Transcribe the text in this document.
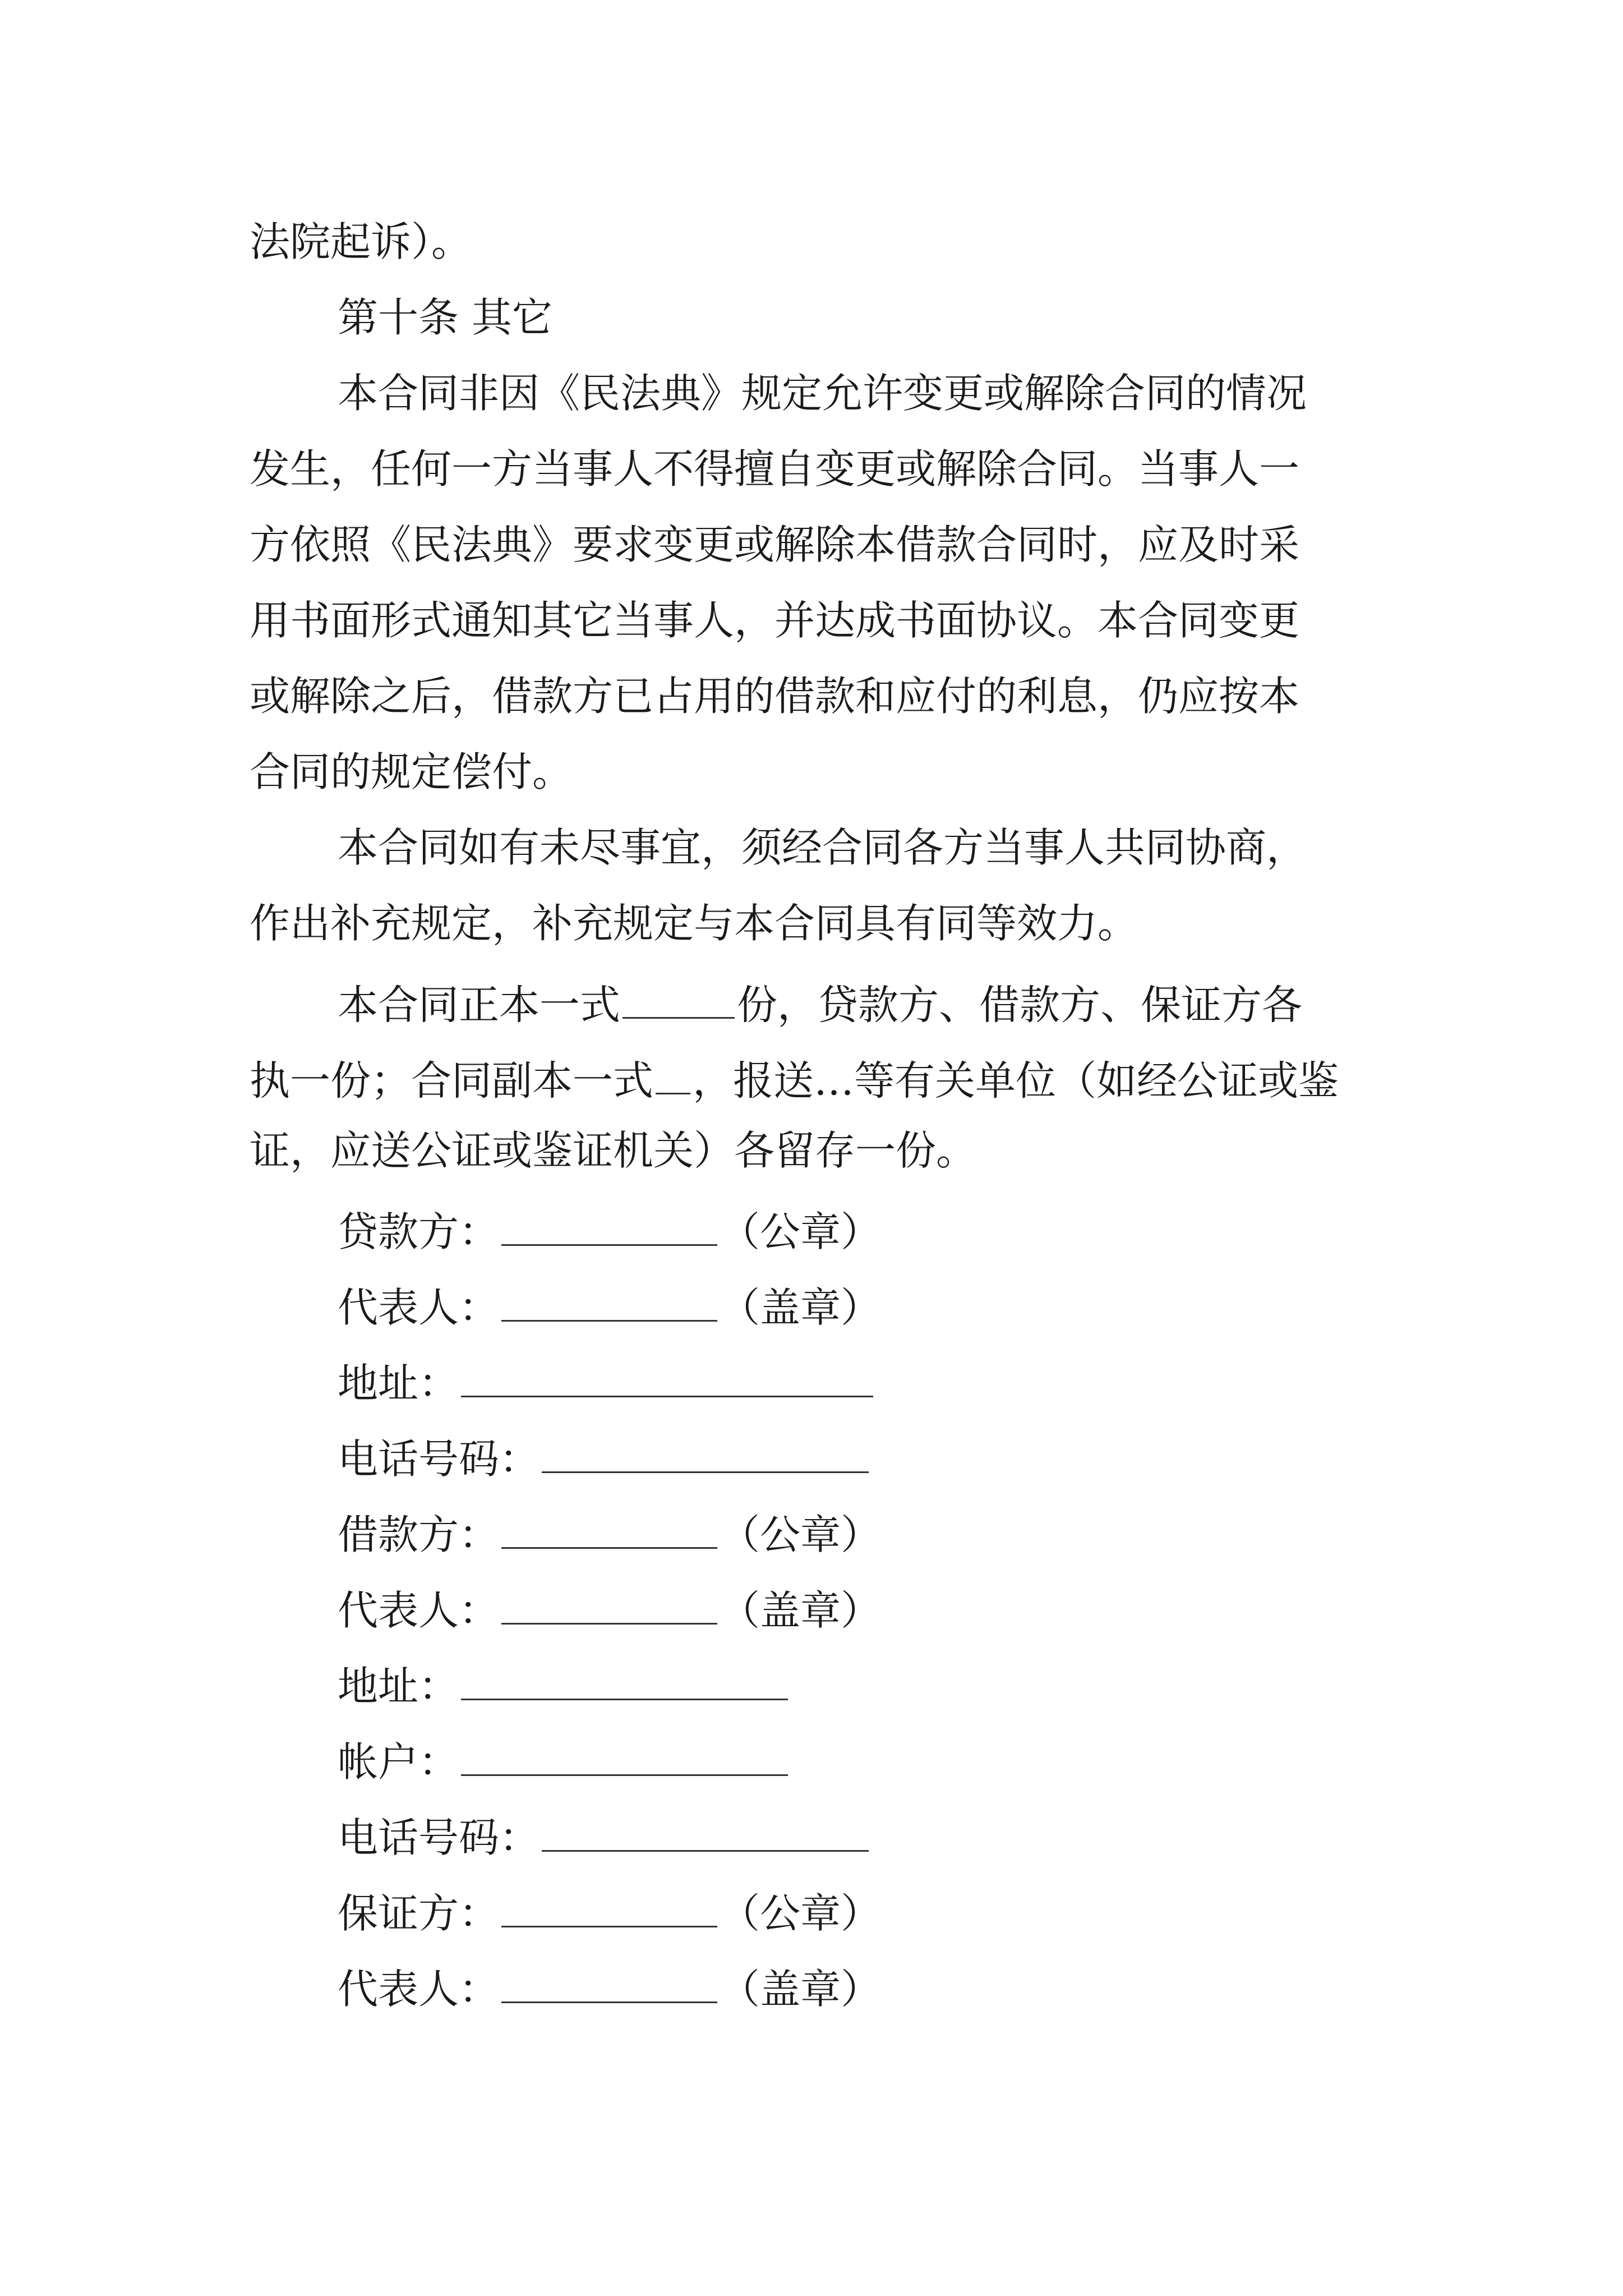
法院起诉）。
第十条 其它
本合同非因《民法典》规定允许变更或解除合同的情况
发生，任何一方当事人不得擅自变更或解除合同。当事人一
方依照《民法典》要求变更或解除本借款合同时，应及时采
用书面形式通知其它当事人，并达成书面协议。本合同变更
或解除之后，借款方已占用的借款和应付的利息，仍应按本
合同的规定偿付。
本合同如有未尽事宜，须经合同各方当事人共同协商，
作出补充规定，补充规定与本合同具有同等效力。
本合同正本一式	份，贷款方、借款方、保证方各
执一份；合同副本一式 ，报送…等有关单位（如经公证或鉴
证，应送公证或鉴证机关）各留存一份。
贷款方：	（公章）
代表人：	（盖章）
地址：
电话号码：
借款方：	（公章）
代表人：	（盖章）
地址：
帐户：
电话号码：
保证方：	（公章）
代表人：	（盖章）
